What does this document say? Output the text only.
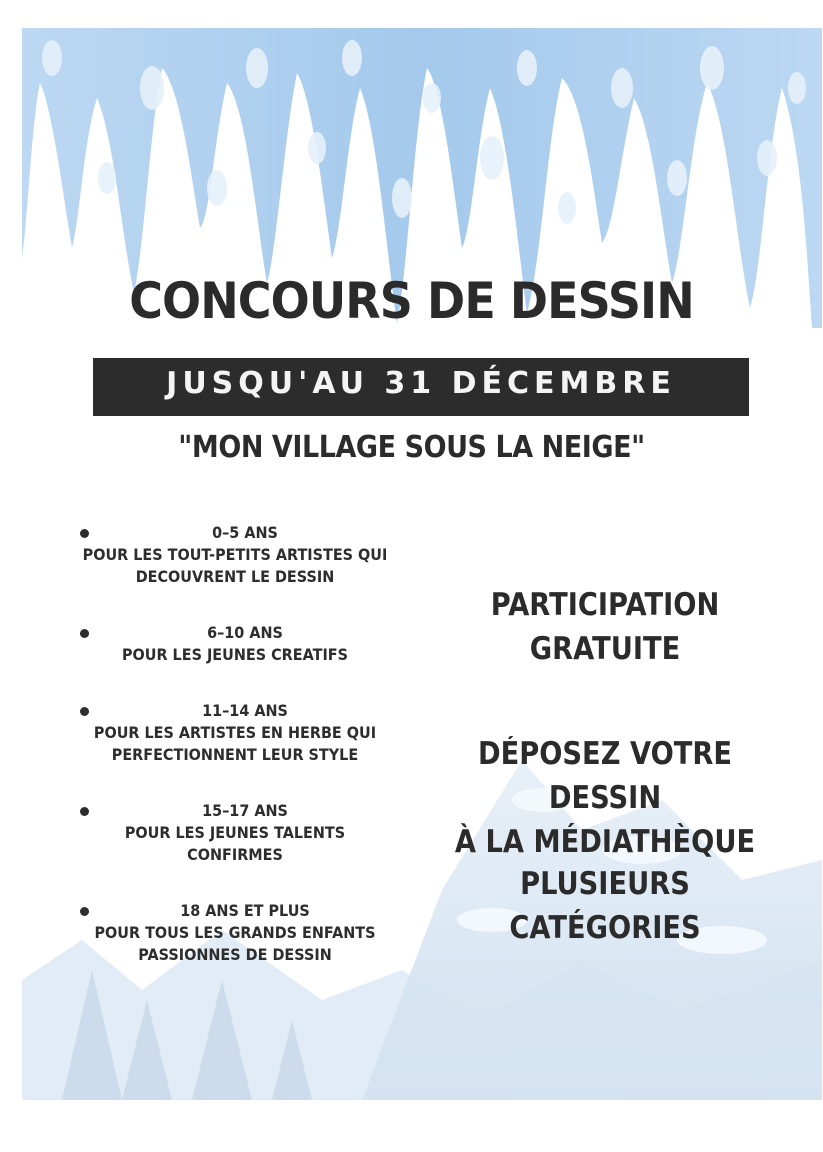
CONCOURS DE DESSIN
JUSQU'AU 31 DÉCEMBRE
"MON VILLAGE SOUS LA NEIGE"
0–5 ANS
POUR LES TOUT-PETITS ARTISTES QUI DECOUVRENT LE DESSIN
6–10 ANS
POUR LES JEUNES CREATIFS
11–14 ANS
POUR LES ARTISTES EN HERBE QUI PERFECTIONNENT LEUR STYLE
15–17 ANS
POUR LES JEUNES TALENTS CONFIRMES
18 ANS ET PLUS
POUR TOUS LES GRANDS ENFANTS PASSIONNES DE DESSIN
PARTICIPATION
GRATUITE
DÉPOSEZ VOTRE DESSIN
À LA MÉDIATHÈQUE
PLUSIEURS CATÉGORIES
